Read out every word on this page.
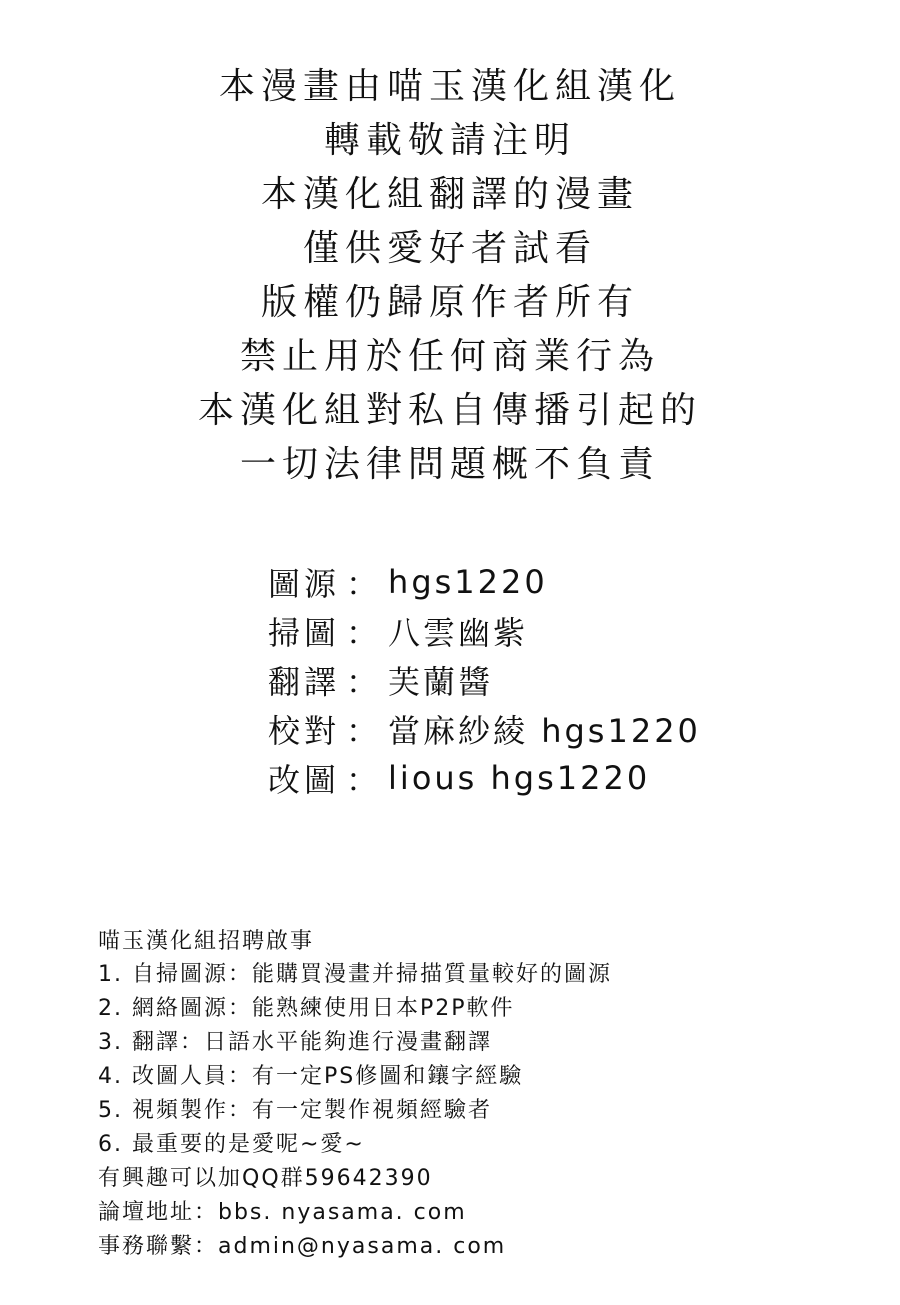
本漫畫由喵玉漢化組漢化
轉載敬請注明
本漢化組翻譯的漫畫
僅供愛好者試看
版權仍歸原作者所有
禁止用於任何商業行為
本漢化組對私自傳播引起的
一切法律問題概不負責
圖源 ： hgs1220
掃圖 ： 八雲幽紫
翻譯 ： 芙蘭醬
校對 ： 當麻紗綾 hgs1220
改圖 ： lious hgs1220
喵玉漢化組招聘啟事
1. 自掃圖源：能購買漫畫并掃描質量較好的圖源
2. 網絡圖源：能熟練使用日本P2P軟件
3. 翻譯：日語水平能夠進行漫畫翻譯
4. 改圖人員：有一定PS修圖和鑲字經驗
5. 視頻製作：有一定製作視頻經驗者
6. 最重要的是愛呢~愛~
有興趣可以加QQ群59642390
論壇地址：bbs. nyasama. com
事務聯繫：admin@nyasama. com
